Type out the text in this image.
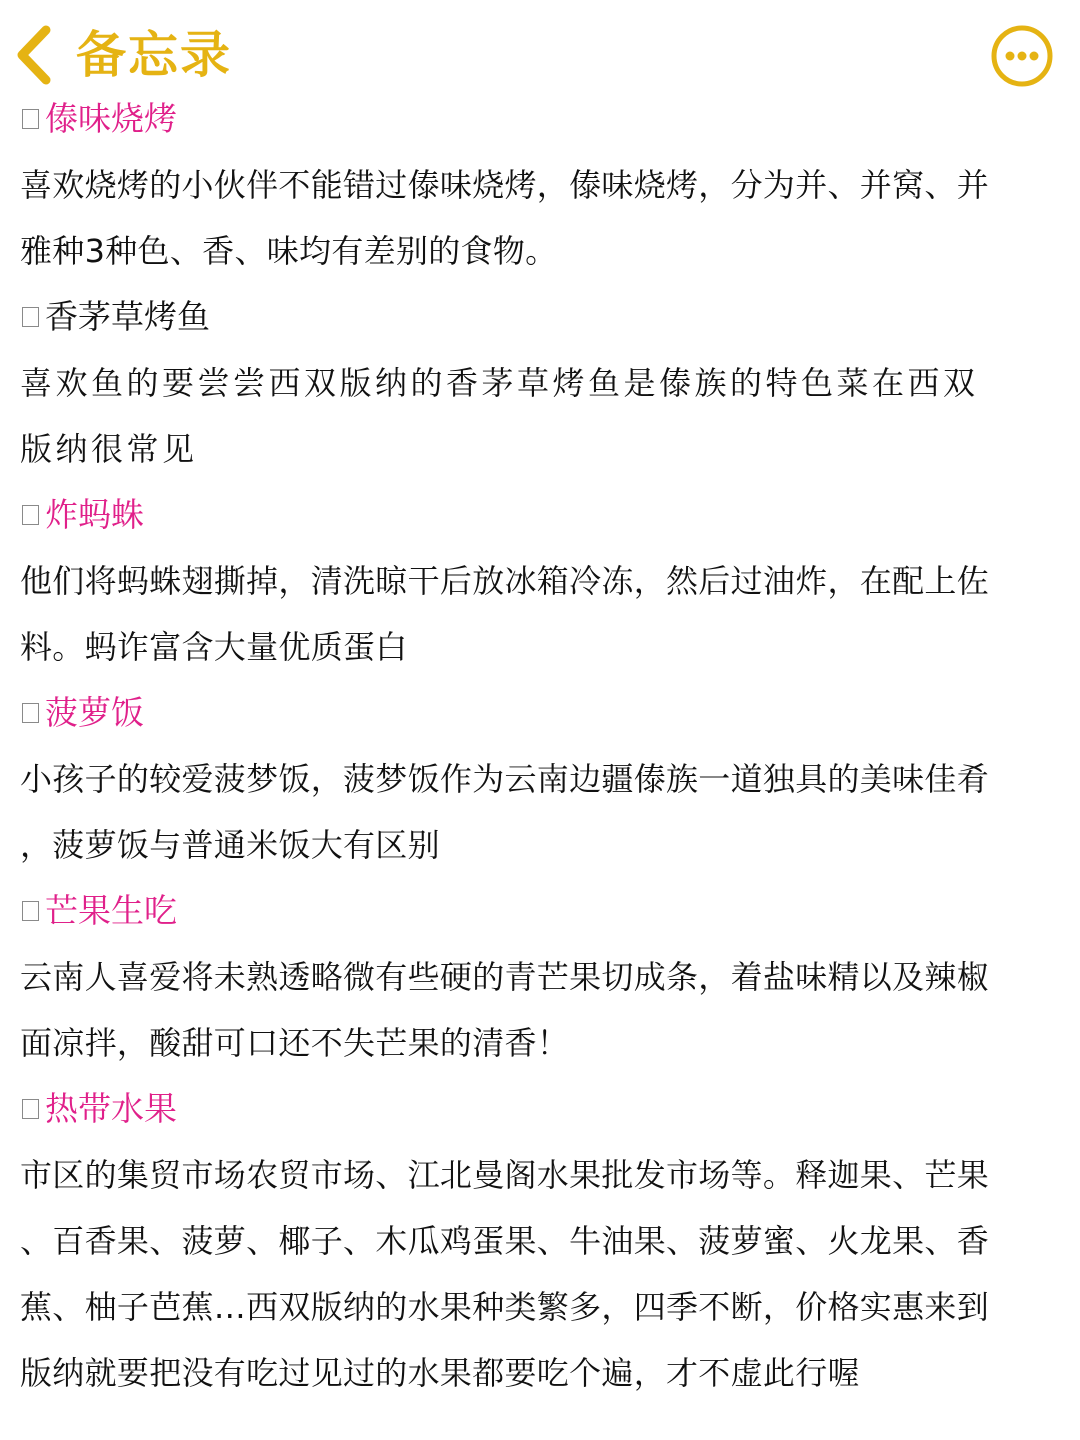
备忘录
傣味烧烤
喜欢烧烤的小伙伴不能错过傣味烧烤，傣味烧烤，分为并、并窝、并
雅种3种色、香、味均有差别的食物。
香茅草烤鱼
喜欢鱼的要尝尝西双版纳的香茅草烤鱼是傣族的特色菜在西双
版纳很常见
炸蚂蛛
他们将蚂蛛翅撕掉，清洗晾干后放冰箱冷冻，然后过油炸，在配上佐
料。蚂诈富含大量优质蛋白
菠萝饭
小孩子的较爱菠梦饭，菠梦饭作为云南边疆傣族一道独具的美味佳肴
，菠萝饭与普通米饭大有区别
芒果生吃
云南人喜爱将未熟透略微有些硬的青芒果切成条，着盐味精以及辣椒
面凉拌，酸甜可口还不失芒果的清香！
热带水果
市区的集贸市场农贸市场、江北曼阁水果批发市场等。释迦果、芒果
、百香果、菠萝、椰子、木瓜鸡蛋果、牛油果、菠萝蜜、火龙果、香
蕉、柚子芭蕉…西双版纳的水果种类繁多，四季不断，价格实惠来到
版纳就要把没有吃过见过的水果都要吃个遍，才不虚此行喔
